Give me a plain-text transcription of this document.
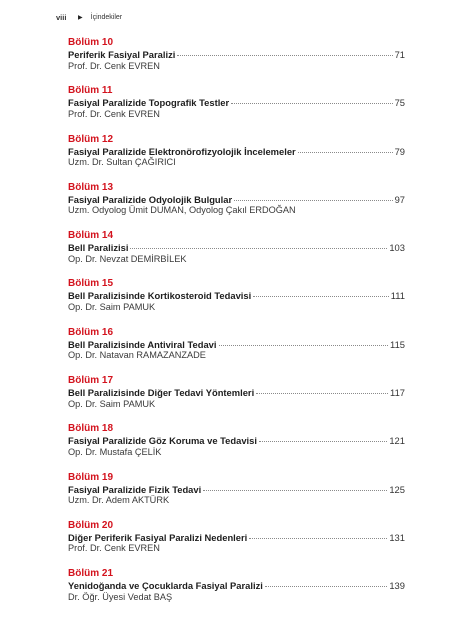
viii	▶ İçindekiler
Bölüm 10
Periferik Fasiyal Paralizi	71
Prof. Dr. Cenk EVREN
Bölüm 11
Fasiyal Paralizide Topografik Testler	75
Prof. Dr. Cenk EVREN
Bölüm 12
Fasiyal Paralizide Elektronörofizyolojik İncelemeler	79
Uzm. Dr. Sultan ÇAĞIRICI
Bölüm 13
Fasiyal Paralizide Odyolojik Bulgular	97
Uzm. Odyolog Ümit DUMAN, Odyolog Çakıl ERDOĞAN
Bölüm 14
Bell Paralizisi	103
Op. Dr. Nevzat DEMİRBİLEK
Bölüm 15
Bell Paralizisinde Kortikosteroid Tedavisi	111
Op. Dr. Saim PAMUK
Bölüm 16
Bell Paralizisinde Antiviral Tedavi	115
Op. Dr. Natavan RAMAZANZADE
Bölüm 17
Bell Paralizisinde Diğer Tedavi Yöntemleri	117
Op. Dr. Saim PAMUK
Bölüm 18
Fasiyal Paralizide Göz Koruma ve Tedavisi	121
Op. Dr. Mustafa ÇELİK
Bölüm 19
Fasiyal Paralizide Fizik Tedavi	125
Uzm. Dr. Adem AKTÜRK
Bölüm 20
Diğer Periferik Fasiyal Paralizi Nedenleri	131
Prof. Dr. Cenk EVREN
Bölüm 21
Yenidoğanda ve Çocuklarda Fasiyal Paralizi	139
Dr. Öğr. Üyesi Vedat BAŞ
